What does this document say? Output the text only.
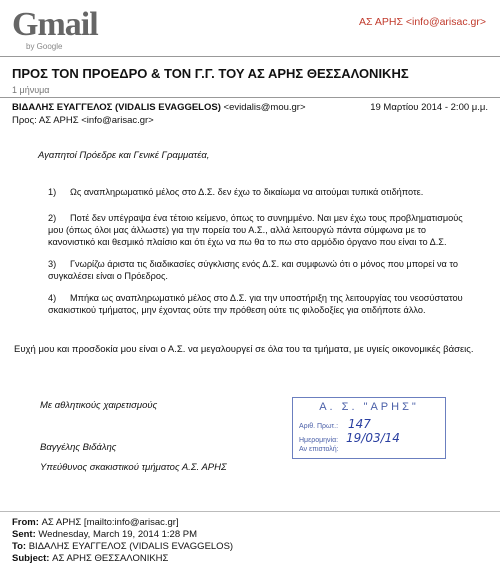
Gmail
by Google
ΑΣ ΑΡΗΣ <info@arisac.gr>
ΠΡΟΣ ΤΟΝ ΠΡΟΕΔΡΟ & ΤΟΝ Γ.Γ. ΤΟΥ ΑΣ ΑΡΗΣ ΘΕΣΣΑΛΟΝΙΚΗΣ
1 μήνυμα
ΒΙΔΑΛΗΣ ΕΥΑΓΓΕΛΟΣ (VIDALIS EVAGGELOS) <evidalis@mou.gr>	19 Μαρτίου 2014 - 2:00 μ.μ.
Προς: ΑΣ ΑΡΗΣ <info@arisac.gr>
Αγαπητοί Πρόεδρε και Γενικέ Γραμματέα,
1) Ως αναπληρωματικό μέλος στο Δ.Σ. δεν έχω το δικαίωμα να αιτούμαι τυπικά οτιδήποτε.
2) Ποτέ δεν υπέγραψα ένα τέτοιο κείμενο, όπως το συνημμένο. Ναι μεν έχω τους προβληματισμούς μου (όπως όλοι μας άλλωστε) για την πορεία του Α.Σ., αλλά λειτουργώ πάντα σύμφωνα με το κανονιστικό και θεσμικό πλαίσιο και ότι έχω να πω θα το πω στο αρμόδιο όργανο που είναι το Δ.Σ.
3) Γνωρίζω άριστα τις διαδικασίες σύγκλισης ενός Δ.Σ. και συμφωνώ ότι ο μόνος που μπορεί να το συγκαλέσει είναι ο Πρόεδρος.
4) Μπήκα ως αναπληρωματικό μέλος στο Δ.Σ. για την υποστήριξη της λειτουργίας του νεοσύστατου σκακιστικού τμήματος, μην έχοντας ούτε την πρόθεση ούτε τις φιλοδοξίες για οτιδήποτε άλλο.
Ευχή μου και προσδοκία μου είναι ο Α.Σ. να μεγαλουργεί σε όλα του τα τμήματα, με υγιείς οικονομικές βάσεις.
Με αθλητικούς χαιρετισμούς
Βαγγέλης Βιδάλης
Υπεύθυνος σκακιστικού τμήματος Α.Σ. ΑΡΗΣ
Α. Σ. "ΑΡΗΣ"
Αριθ. Πρωτ.: 147
Ημερομηνία: 19/03/14
Αν επιστολή:
From: ΑΣ ΑΡΗΣ [mailto:info@arisac.gr]
Sent: Wednesday, March 19, 2014 1:28 PM
To: ΒΙΔΑΛΗΣ ΕΥΑΓΓΕΛΟΣ (VIDALIS EVAGGELOS)
Subject: ΑΣ ΑΡΗΣ ΘΕΣΣΑΛΟΝΙΚΗΣ
